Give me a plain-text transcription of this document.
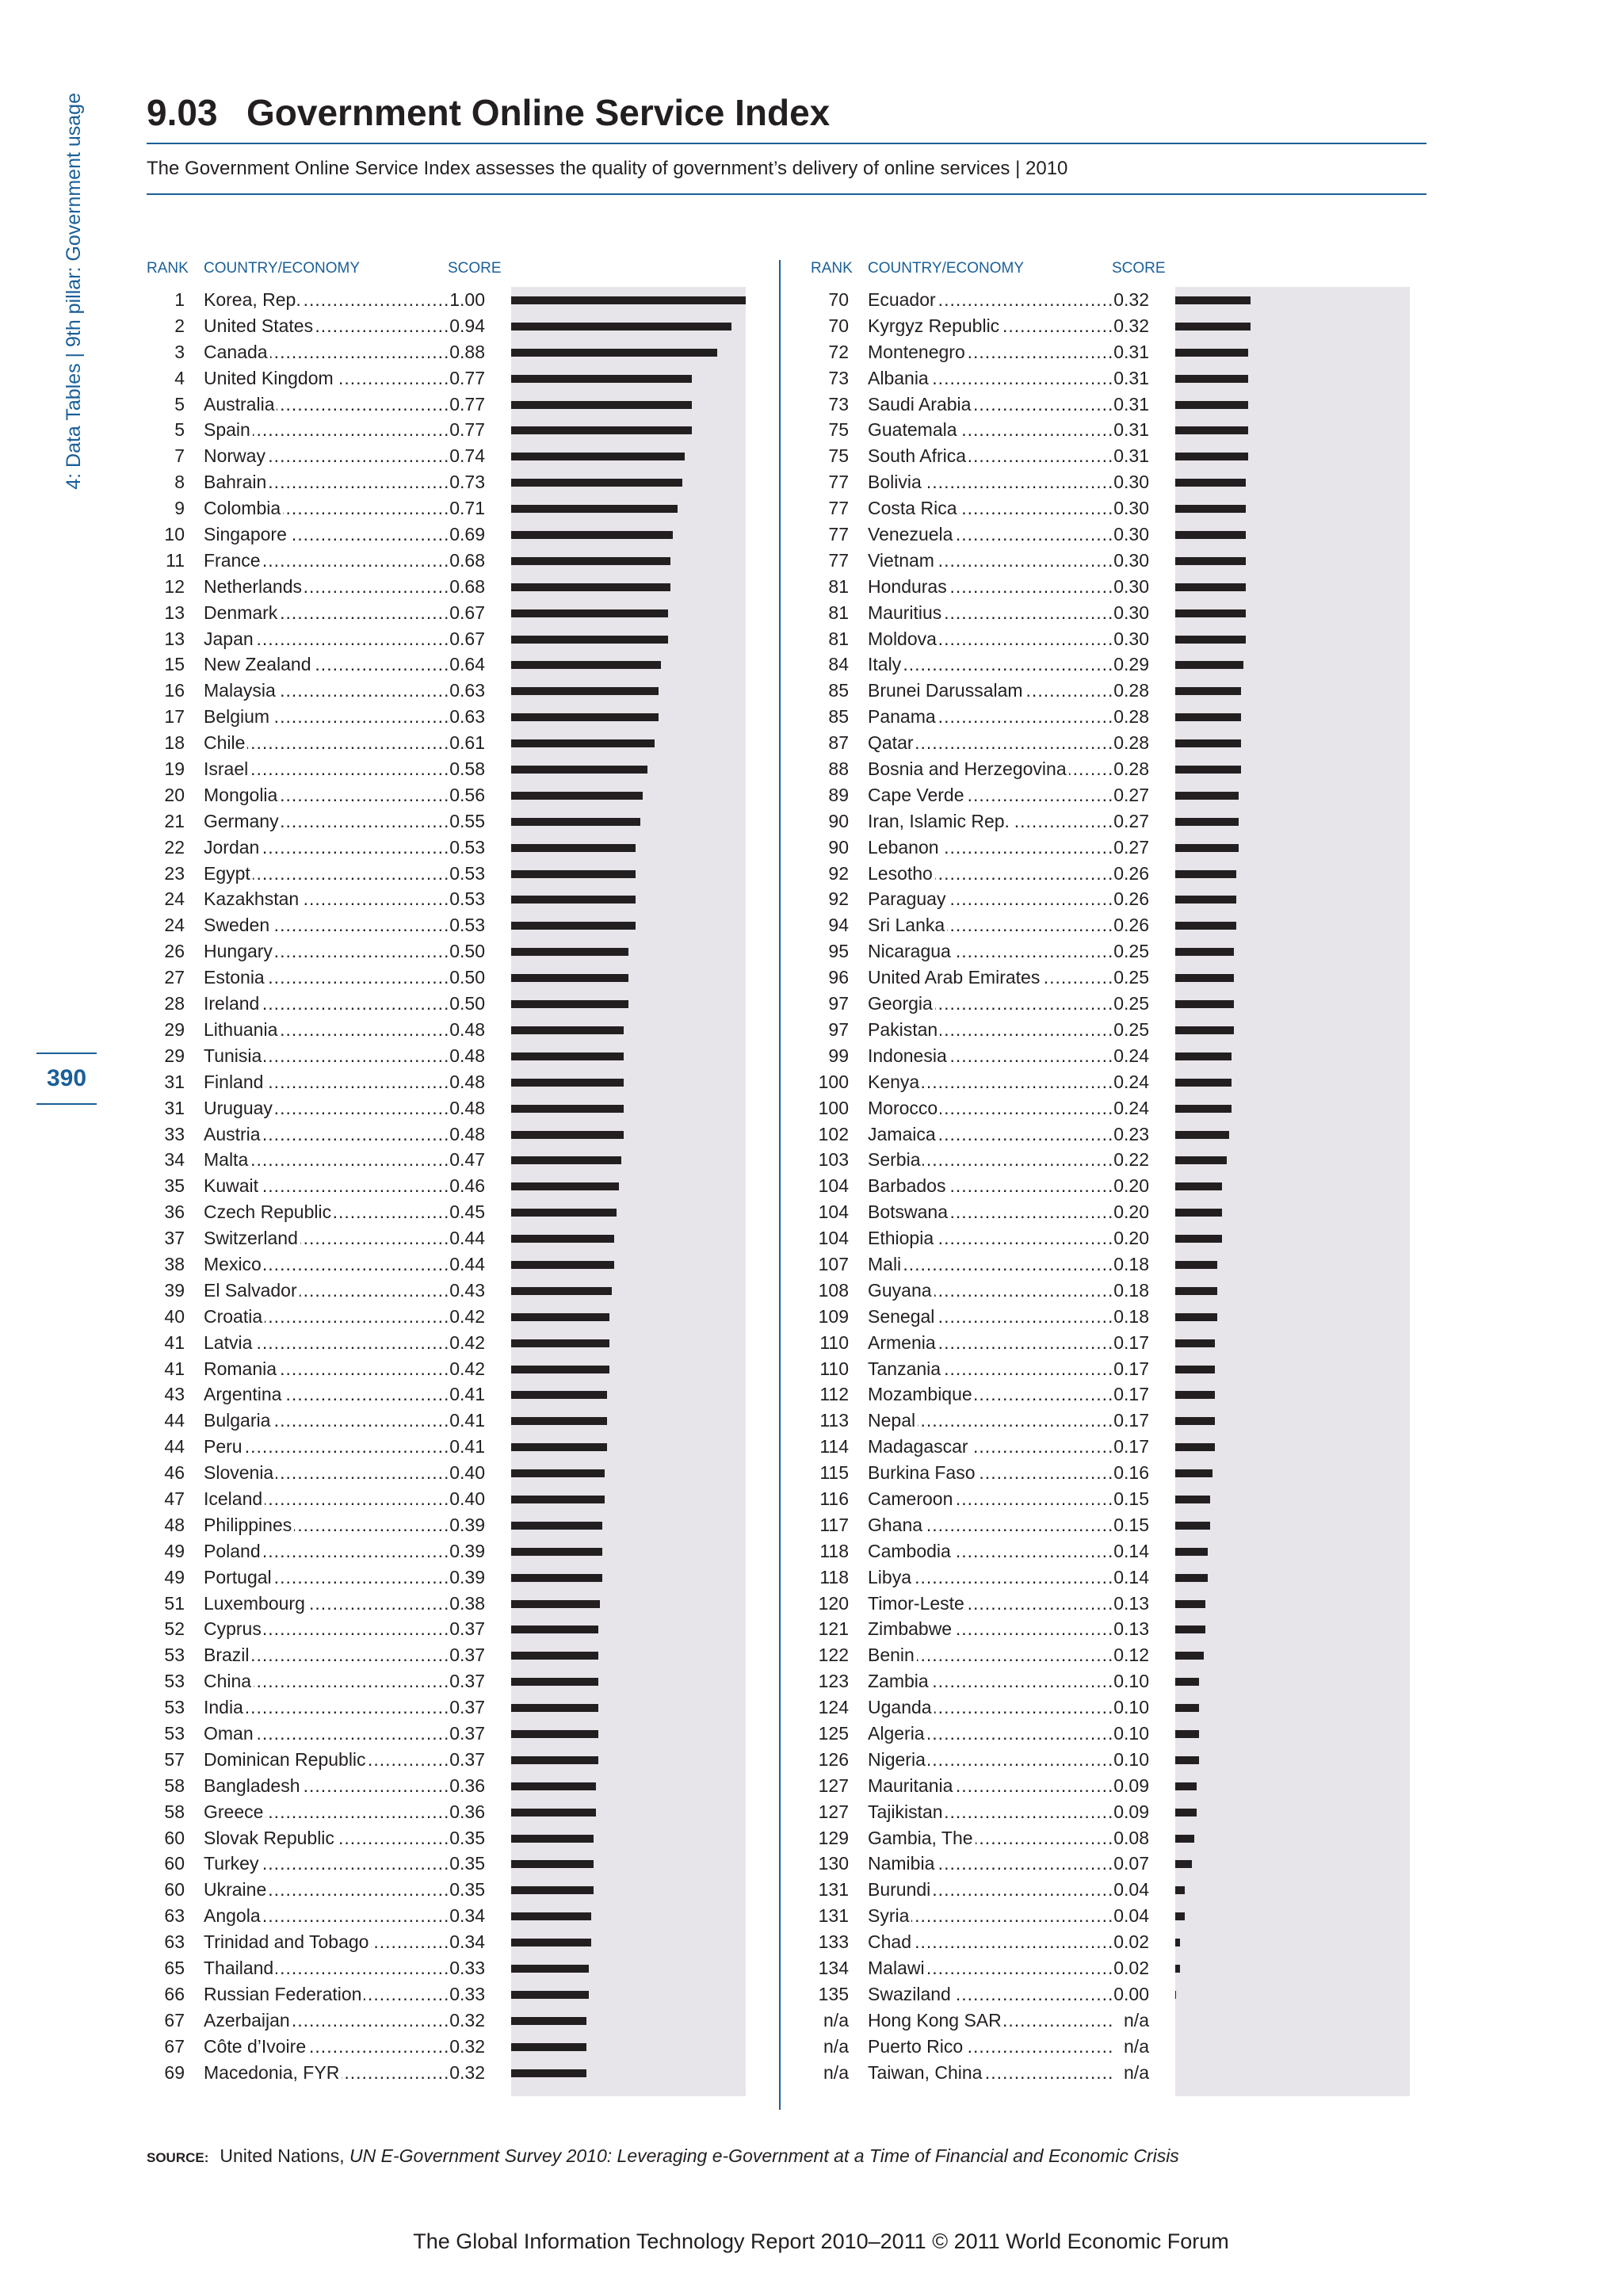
4: Data Tables | 9th pillar: Government usage
390
9.03 Government Online Service Index
The Government Online Service Index assesses the quality of government’s delivery of online services | 2010
RANK COUNTRY/ECONOMY	SCORE
1 Korea, Rep. .....	1.00
2 United States .....	0.94
3 Canada .....	0.88
4 United Kingdom .....	0.77
5 Australia .....	0.77
5 Spain .....	0.77
7 Norway .....	0.74
8 Bahrain .....	0.73
9 Colombia .....	0.71
10 Singapore .....	0.69
11 France .....	0.68
12 Netherlands .....	0.68
13 Denmark .....	0.67
13 Japan .....	0.67
15 New Zealand .....	0.64
16 Malaysia .....	0.63
17 Belgium .....	0.63
18 Chile .....	0.61
19 Israel .....	0.58
20 Mongolia .....	0.56
21 Germany .....	0.55
22 Jordan .....	0.53
23 Egypt .....	0.53
24 Kazakhstan .....	0.53
24 Sweden .....	0.53
26 Hungary .....	0.50
27 Estonia .....	0.50
28 Ireland .....	0.50
29 Lithuania .....	0.48
29 Tunisia .....	0.48
31 Finland .....	0.48
31 Uruguay .....	0.48
33 Austria .....	0.48
34 Malta .....	0.47
35 Kuwait .....	0.46
36 Czech Republic .....	0.45
37 Switzerland .....	0.44
38 Mexico .....	0.44
39 El Salvador .....	0.43
40 Croatia .....	0.42
41 Latvia .....	0.42
41 Romania .....	0.42
43 Argentina .....	0.41
44 Bulgaria .....	0.41
44 Peru .....	0.41
46 Slovenia .....	0.40
47 Iceland .....	0.40
48 Philippines .....	0.39
49 Poland .....	0.39
49 Portugal .....	0.39
51 Luxembourg .....	0.38
52 Cyprus .....	0.37
53 Brazil .....	0.37
53 China .....	0.37
53 India .....	0.37
53 Oman .....	0.37
57 Dominican Republic .....	0.37
58 Bangladesh .....	0.36
58 Greece .....	0.36
60 Slovak Republic .....	0.35
60 Turkey .....	0.35
60 Ukraine .....	0.35
63 Angola .....	0.34
63 Trinidad and Tobago .....	0.34
65 Thailand .....	0.33
66 Russian Federation .....	0.33
67 Azerbaijan .....	0.32
67 Côte d’Ivoire .....	0.32
69 Macedonia, FYR .....	0.32
RANK COUNTRY/ECONOMY	SCORE
70 Ecuador .....	0.32
70 Kyrgyz Republic .....	0.32
72 Montenegro .....	0.31
73 Albania .....	0.31
73 Saudi Arabia .....	0.31
75 Guatemala .....	0.31
75 South Africa .....	0.31
77 Bolivia .....	0.30
77 Costa Rica .....	0.30
77 Venezuela .....	0.30
77 Vietnam .....	0.30
81 Honduras .....	0.30
81 Mauritius .....	0.30
81 Moldova .....	0.30
84 Italy .....	0.29
85 Brunei Darussalam .....	0.28
85 Panama .....	0.28
87 Qatar .....	0.28
88 Bosnia and Herzegovina .....	0.28
89 Cape Verde .....	0.27
90 Iran, Islamic Rep. .....	0.27
90 Lebanon .....	0.27
92 Lesotho .....	0.26
92 Paraguay .....	0.26
94 Sri Lanka .....	0.26
95 Nicaragua .....	0.25
96 United Arab Emirates .....	0.25
97 Georgia .....	0.25
97 Pakistan .....	0.25
99 Indonesia .....	0.24
100 Kenya .....	0.24
100 Morocco .....	0.24
102 Jamaica .....	0.23
103 Serbia .....	0.22
104 Barbados .....	0.20
104 Botswana .....	0.20
104 Ethiopia .....	0.20
107 Mali .....	0.18
108 Guyana .....	0.18
109 Senegal .....	0.18
110 Armenia .....	0.17
110 Tanzania .....	0.17
112 Mozambique .....	0.17
113 Nepal .....	0.17
114 Madagascar .....	0.17
115 Burkina Faso .....	0.16
116 Cameroon .....	0.15
117 Ghana .....	0.15
118 Cambodia .....	0.14
118 Libya .....	0.14
120 Timor-Leste .....	0.13
121 Zimbabwe .....	0.13
122 Benin .....	0.12
123 Zambia .....	0.10
124 Uganda .....	0.10
125 Algeria .....	0.10
126 Nigeria .....	0.10
127 Mauritania .....	0.09
127 Tajikistan .....	0.09
129 Gambia, The .....	0.08
130 Namibia .....	0.07
131 Burundi .....	0.04
131 Syria .....	0.04
133 Chad .....	0.02
134 Malawi .....	0.02
135 Swaziland .....	0.00
n/a Hong Kong SAR .....	n/a
n/a Puerto Rico .....	n/a
n/a Taiwan, China .....	n/a
SOURCE: United Nations, UN E-Government Survey 2010: Leveraging e-Government at a Time of Financial and Economic Crisis
The Global Information Technology Report 2010–2011 © 2011 World Economic Forum
